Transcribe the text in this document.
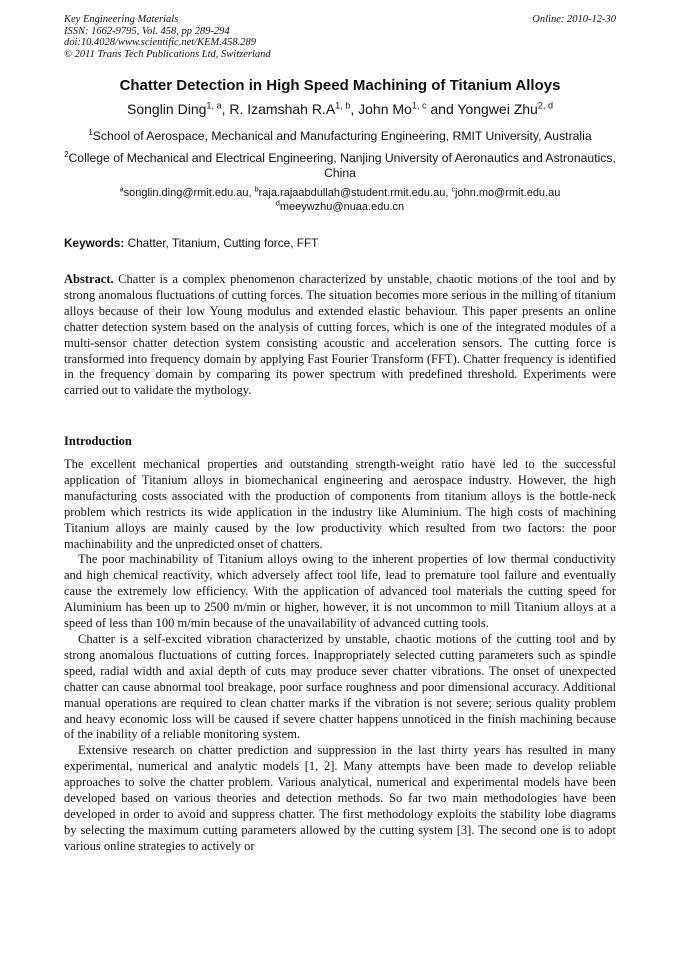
Key Engineering Materials
ISSN: 1662-9795, Vol. 458, pp 289-294
doi:10.4028/www.scientific.net/KEM.458.289
© 2011 Trans Tech Publications Ltd, Switzerland
Online: 2010-12-30
Chatter Detection in High Speed Machining of Titanium Alloys
Songlin Ding$^{1, a}$, R. Izamshah $R.A^{1, b}$, John Mo$^{1, c}$ and Yongwei Zhu$^{2, d}$
$^1$School of Aerospace, Mechanical and Manufacturing Engineering, RMIT University, Australia
$^2$College of Mechanical and Electrical Engineering, Nanjing University of Aeronautics and Astronautics, China
$^a$songlin.ding@rmit.edu.au, $^b$raja.rajaabdullah@student.rmit.edu.au, $^c$john.mo@rmit.edu.au
$^d$meeywzhu@nuaa.edu.cn
Keywords: Chatter, Titanium, Cutting force, FFT
Abstract. Chatter is a complex phenomenon characterized by unstable, chaotic motions of the tool and by strong anomalous fluctuations of cutting forces. The situation becomes more serious in the milling of titanium alloys because of their low Young modulus and extended elastic behaviour. This paper presents an online chatter detection system based on the analysis of cutting forces, which is one of the integrated modules of a multi-sensor chatter detection system consisting acoustic and acceleration sensors. The cutting force is transformed into frequency domain by applying Fast Fourier Transform (FFT). Chatter frequency is identified in the frequency domain by comparing its power spectrum with predefined threshold. Experiments were carried out to validate the mythology.
Introduction

The excellent mechanical properties and outstanding strength-weight ratio have led to the successful application of Titanium alloys in biomechanical engineering and aerospace industry. However, the high manufacturing costs associated with the production of components from titanium alloys is the bottle-neck problem which restricts its wide application in the industry like Aluminium. The high costs of machining Titanium alloys are mainly caused by the low productivity which resulted from two factors: the poor machinability and the unpredicted onset of chatters.

The poor machinability of Titanium alloys owing to the inherent properties of low thermal conductivity and high chemical reactivity, which adversely affect tool life, lead to premature tool failure and eventually cause the extremely low efficiency. With the application of advanced tool materials the cutting speed for Aluminium has been up to 2500 m/min or higher, however, it is not uncommon to mill Titanium alloys at a speed of less than 100 m/min because of the unavailability of advanced cutting tools.

Chatter is a self-excited vibration characterized by unstable, chaotic motions of the cutting tool and by strong anomalous fluctuations of cutting forces. Inappropriately selected cutting parameters such as spindle speed, radial width and axial depth of cuts may produce sever chatter vibrations. The onset of unexpected chatter can cause abnormal tool breakage, poor surface roughness and poor dimensional accuracy. Additional manual operations are required to clean chatter marks if the vibration is not severe; serious quality problem and heavy economic loss will be caused if severe chatter happens unnoticed in the finish machining because of the inability of a reliable monitoring system.

Extensive research on chatter prediction and suppression in the last thirty years has resulted in many experimental, numerical and analytic models [1, 2]. Many attempts have been made to develop reliable approaches to solve the chatter problem. Various analytical, numerical and experimental models have been developed based on various theories and detection methods. So far two main methodologies have been developed in order to avoid and suppress chatter. The first methodology exploits the stability lobe diagrams by selecting the maximum cutting parameters allowed by the cutting system [3]. The second one is to adopt various online strategies to actively or
